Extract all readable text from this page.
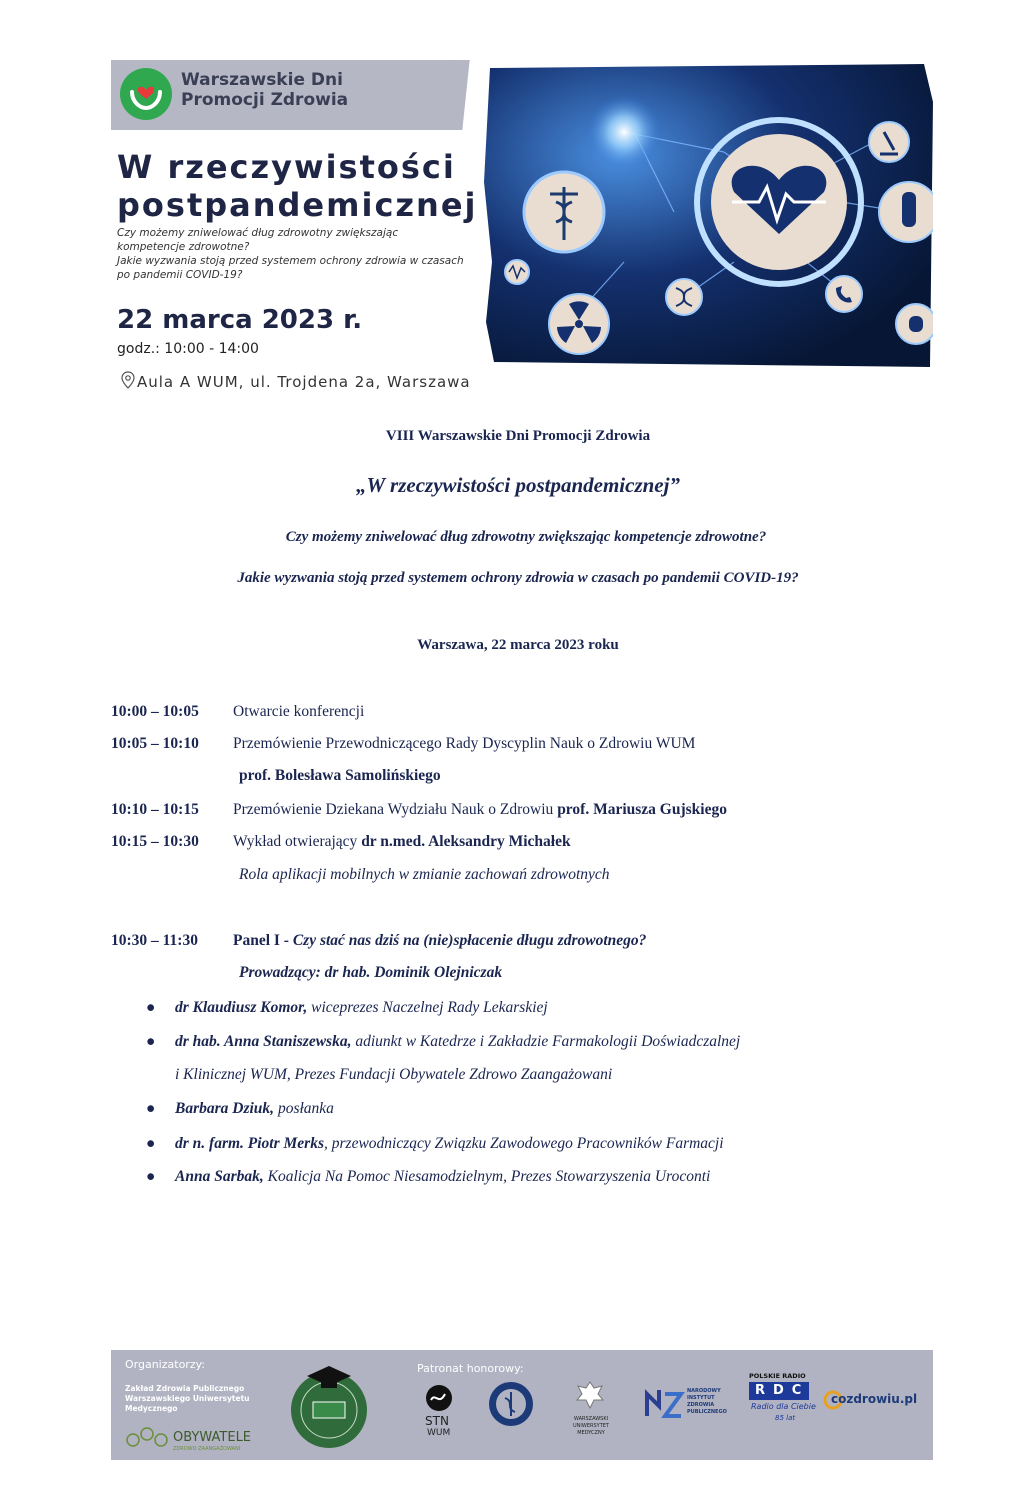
Warszawskie Dni
Promocji Zdrowia
W rzeczywistości
postpandemicznej
Czy możemy zniwelować dług zdrowotny zwiększając kompetencje zdrowotne?
Jakie wyzwania stoją przed systemem ochrony zdrowia w czasach po pandemii COVID-19?
22 marca 2023 r.
godz.: 10:00 - 14:00
Aula A WUM, ul. Trojdena 2a, Warszawa
VIII Warszawskie Dni Promocji Zdrowia
„W rzeczywistości postpandemicznej”
Czy możemy zniwelować dług zdrowotny zwiększając kompetencje zdrowotne?
Jakie wyzwania stoją przed systemem ochrony zdrowia w czasach po pandemii COVID-19?
Warszawa, 22 marca 2023 roku
10:00 – 10:05 Otwarcie konferencji
10:05 – 10:10 Przemówienie Przewodniczącego Rady Dyscyplin Nauk o Zdrowiu WUM
prof. Bolesława Samolińskiego
10:10 – 10:15 Przemówienie Dziekana Wydziału Nauk o Zdrowiu prof. Mariusza Gujskiego
10:15 – 10:30 Wykład otwierający dr n.med. Aleksandry Michałek
Rola aplikacji mobilnych w zmianie zachowań zdrowotnych
10:30 – 11:30 Panel I - Czy stać nas dziś na (nie)spłacenie długu zdrowotnego?
Prowadzący: dr hab. Dominik Olejniczak
● dr Klaudiusz Komor, wiceprezes Naczelnej Rady Lekarskiej
● dr hab. Anna Staniszewska, adiunkt w Katedrze i Zakładzie Farmakologii Doświadczalnej
i Klinicznej WUM, Prezes Fundacji Obywatele Zdrowo Zaangażowani
● Barbara Dziuk, posłanka
● dr n. farm. Piotr Merks, przewodniczący Związku Zawodowego Pracowników Farmacji
● Anna Sarbak, Koalicja Na Pomoc Niesamodzielnym, Prezes Stowarzyszenia Uroconti
Organizatorzy:
Zakład Zdrowia Publicznego
Warszawskiego Uniwersytetu
Medycznego
OBYWATELE
ZDROWO ZAANGAŻOWANI
Patronat honorowy:
STN
WUM
WARSZAWSKI
UNIWERSYTET
MEDYCZNY
NARODOWY
INSTYTUT
ZDROWIA
PUBLICZNEGO
POLSKIE RADIO
RDC
Radio dla Ciebie
85 lat
cozdrowiu.pl
